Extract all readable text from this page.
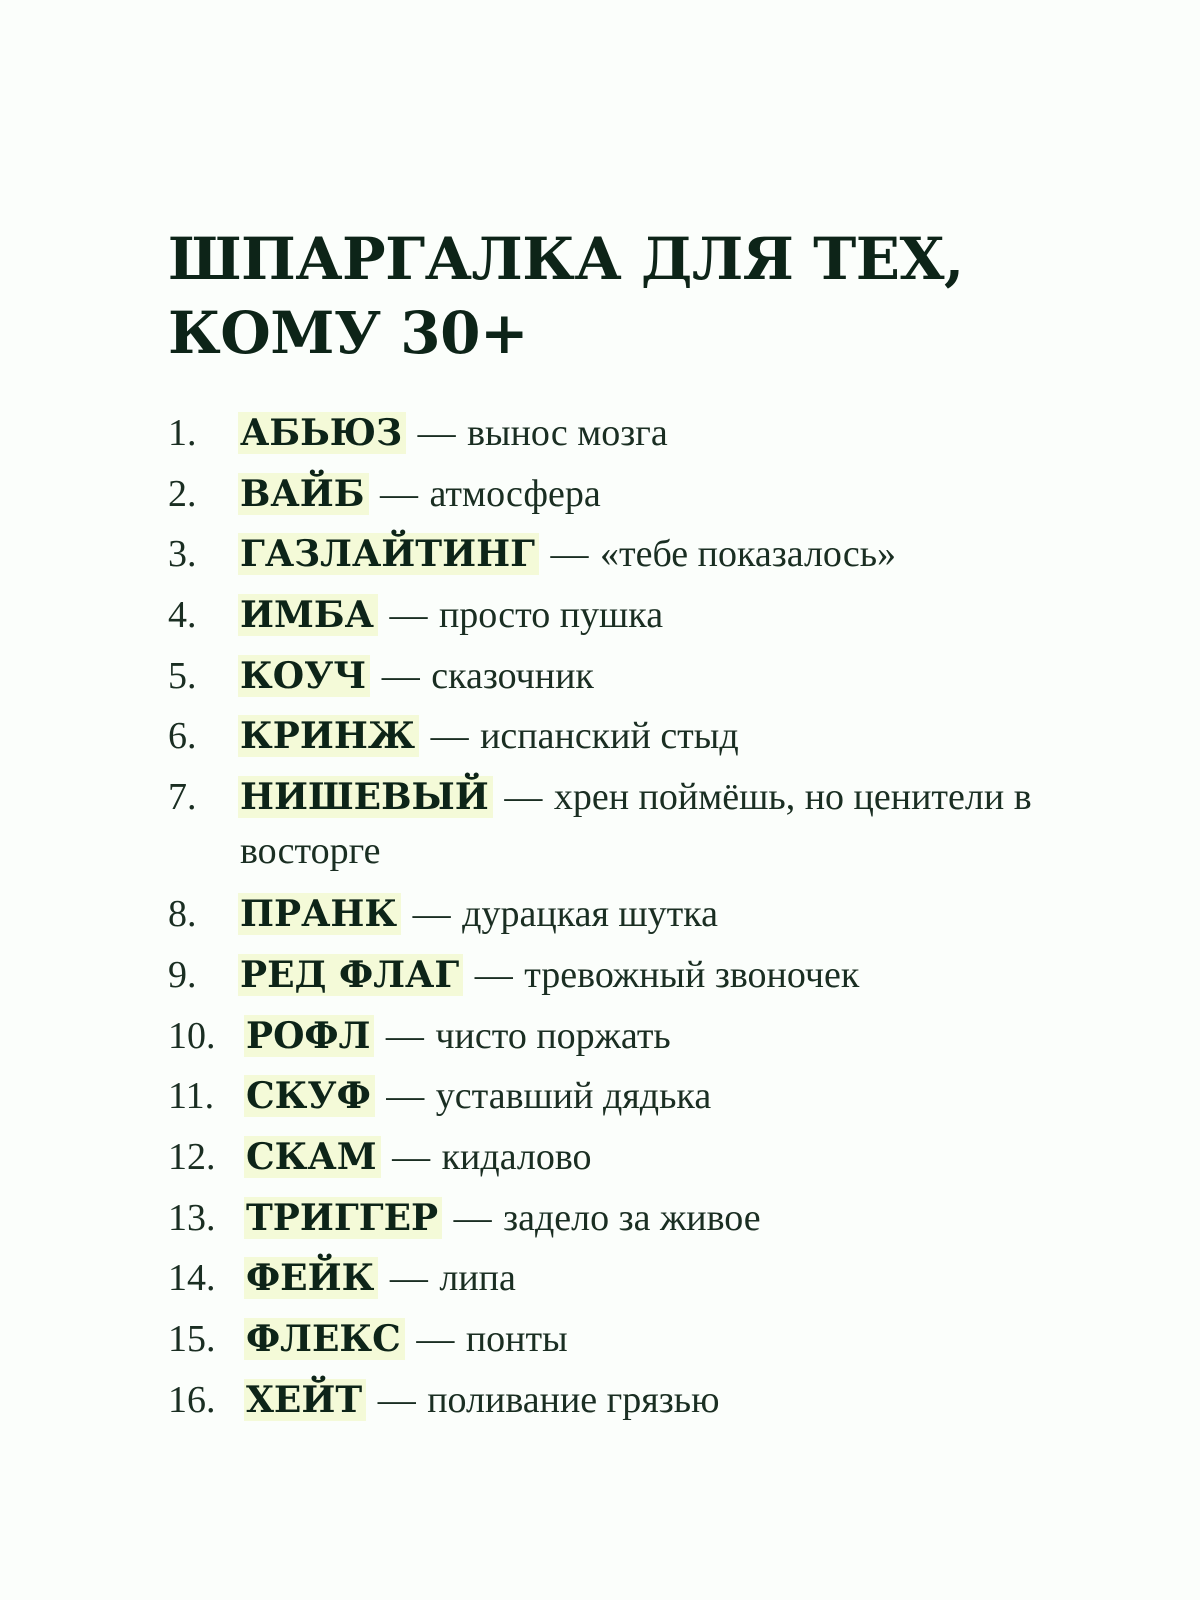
ШПАРГАЛКА ДЛЯ ТЕХ,
КОМУ 30+
1.	АБЬЮЗ — вынос мозга
2.	ВАЙБ — атмосфера
3.	ГАЗЛАЙТИНГ — «тебе показалось»
4.	ИМБА — просто пушка
5.	КОУЧ — сказочник
6.	КРИНЖ — испанский стыд
7.	НИШЕВЫЙ — хрен поймёшь, но ценители в восторге
8.	ПРАНК — дурацкая шутка
9.	РЕД ФЛАГ — тревожный звоночек
10. РОФЛ — чисто поржать
11. СКУФ — уставший дядька
12. СКАМ — кидалово
13. ТРИГГЕР — задело за живое
14. ФЕЙК — липа
15. ФЛЕКС — понты
16. ХЕЙТ — поливание грязью
